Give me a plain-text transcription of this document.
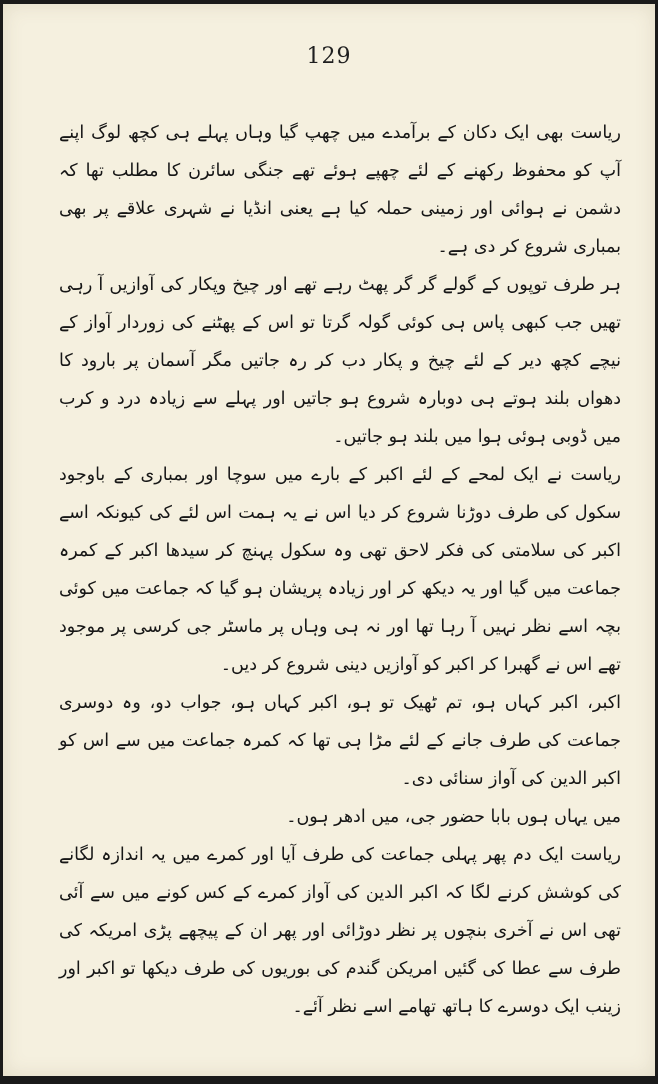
129

ریاست بھی ایک دکان کے برآمدے میں چھپ گیا وہاں پہلے ہی کچھ لوگ اپنے آپ کو محفوظ رکھنے کے لئے چھپے ہوئے تھے جنگی سائرن کا مطلب تھا کہ دشمن نے ہوائی اور زمینی حملہ کیا ہے یعنی انڈیا نے شہری علاقے پر بھی بمباری شروع کر دی ہے۔

ہر طرف توپوں کے گولے گر گر پھٹ رہے تھے اور چیخ وپکار کی آوازیں آ رہی تھیں جب کبھی پاس ہی کوئی گولہ گرتا تو اس کے پھٹنے کی زوردار آواز کے نیچے کچھ دیر کے لئے چیخ و پکار دب کر رہ جاتیں مگر آسمان پر بارود کا دھواں بلند ہوتے ہی دوبارہ شروع ہو جاتیں اور پہلے سے زیادہ درد و کرب میں ڈوبی ہوئی ہوا میں بلند ہو جاتیں۔

ریاست نے ایک لمحے کے لئے اکبر کے بارے میں سوچا اور بمباری کے باوجود سکول کی طرف دوڑنا شروع کر دیا اس نے یہ ہمت اس لئے کی کیونکہ اسے اکبر کی سلامتی کی فکر لاحق تھی وہ سکول پہنچ کر سیدھا اکبر کے کمرہ جماعت میں گیا اور یہ دیکھ کر اور زیادہ پریشان ہو گیا کہ جماعت میں کوئی بچہ اسے نظر نہیں آ رہا تھا اور نہ ہی وہاں پر ماسٹر جی کرسی پر موجود تھے اس نے گھبرا کر اکبر کو آوازیں دینی شروع کر دیں۔

اکبر، اکبر کہاں ہو، تم ٹھیک تو ہو، اکبر کہاں ہو، جواب دو، وہ دوسری جماعت کی طرف جانے کے لئے مڑا ہی تھا کہ کمرہ جماعت میں سے اس کو اکبر الدین کی آواز سنائی دی۔

میں یہاں ہوں بابا حضور جی، میں ادھر ہوں۔

ریاست ایک دم پھر پہلی جماعت کی طرف آیا اور کمرے میں یہ اندازہ لگانے کی کوشش کرنے لگا کہ اکبر الدین کی آواز کمرے کے کس کونے میں سے آئی تھی اس نے آخری بنچوں پر نظر دوڑائی اور پھر ان کے پیچھے پڑی امریکہ کی طرف سے عطا کی گئیں امریکن گندم کی بوریوں کی طرف دیکھا تو اکبر اور زینب ایک دوسرے کا ہاتھ تھامے اسے نظر آئے۔
